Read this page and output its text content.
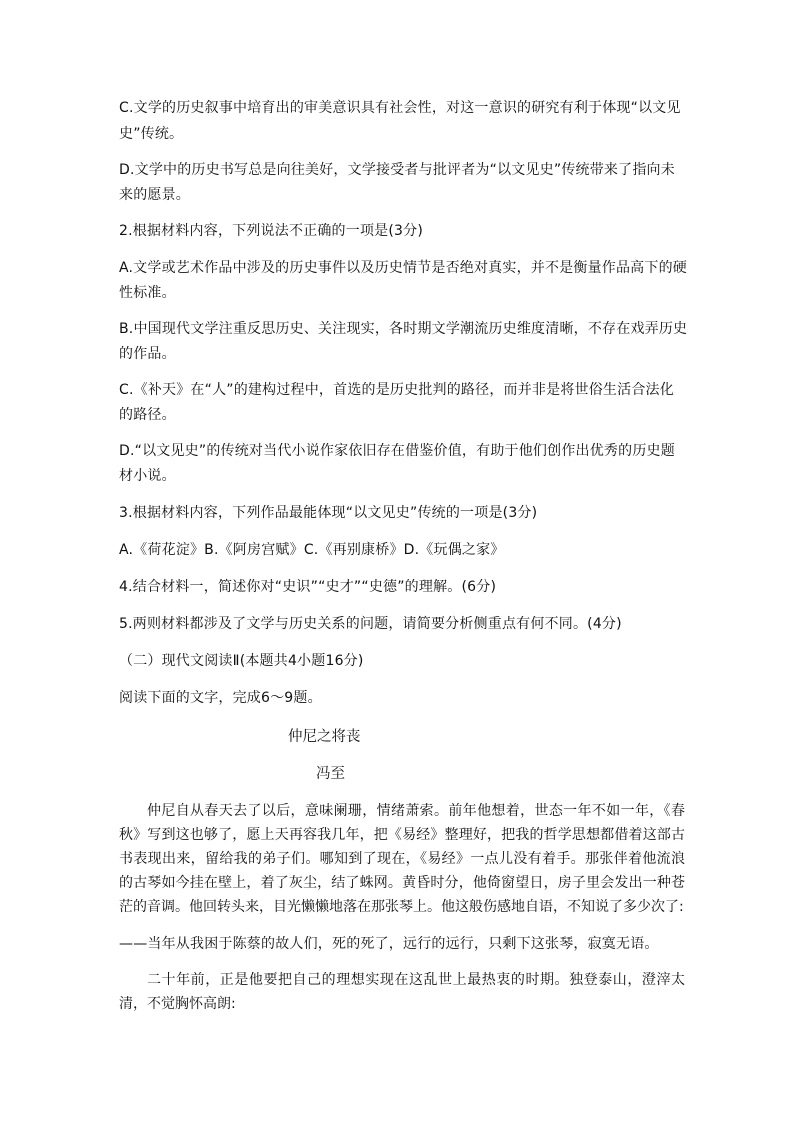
C.文学的历史叙事中培育出的审美意识具有社会性，对这一意识的研究有利于体现“以文见
史”传统。
D.文学中的历史书写总是向往美好，文学接受者与批评者为“以文见史”传统带来了指向未
来的愿景。
2.根据材料内容，下列说法不正确的一项是(3分)
A.文学或艺术作品中涉及的历史事件以及历史情节是否绝对真实，并不是衡量作品高下的硬
性标准。
B.中国现代文学注重反思历史、关注现实，各时期文学潮流历史维度清晰，不存在戏弄历史
的作品。
C.《补天》在“人”的建构过程中，首选的是历史批判的路径，而并非是将世俗生活合法化
的路径。
D.“以文见史”的传统对当代小说作家依旧存在借鉴价值，有助于他们创作出优秀的历史题
材小说。
3.根据材料内容，下列作品最能体现“以文见史”传统的一项是(3分)
A.《荷花淀》B.《阿房宫赋》C.《再别康桥》D.《玩偶之家》
4.结合材料一，简述你对“史识”“史才”“史德”的理解。(6分)
5.两则材料都涉及了文学与历史关系的问题，请简要分析侧重点有何不同。(4分)
（二）现代文阅读Ⅱ(本题共4小题16分)
阅读下面的文字，完成6～9题。
仲尼之将丧
冯至
仲尼自从春天去了以后，意味阑珊，情绪萧索。前年他想着，世态一年不如一年，《春秋》写到这也够了，愿上天再容我几年，把《易经》整理好，把我的哲学思想都借着这部古书表现出来，留给我的弟子们。哪知到了现在，《易经》一点儿没有着手。那张伴着他流浪的古琴如今挂在壁上，着了灰尘，结了蛛网。黄昏时分，他倚窗望日，房子里会发出一种苍茫的音调。他回转头来，目光懒懒地落在那张琴上。他这般伤感地自语，不知说了多少次了:
——当年从我困于陈蔡的故人们，死的死了，远行的远行，只剩下这张琴，寂寞无语。
二十年前，正是他要把自己的理想实现在这乱世上最热衷的时期。独登泰山，澄滓太清，不觉胸怀高朗:
